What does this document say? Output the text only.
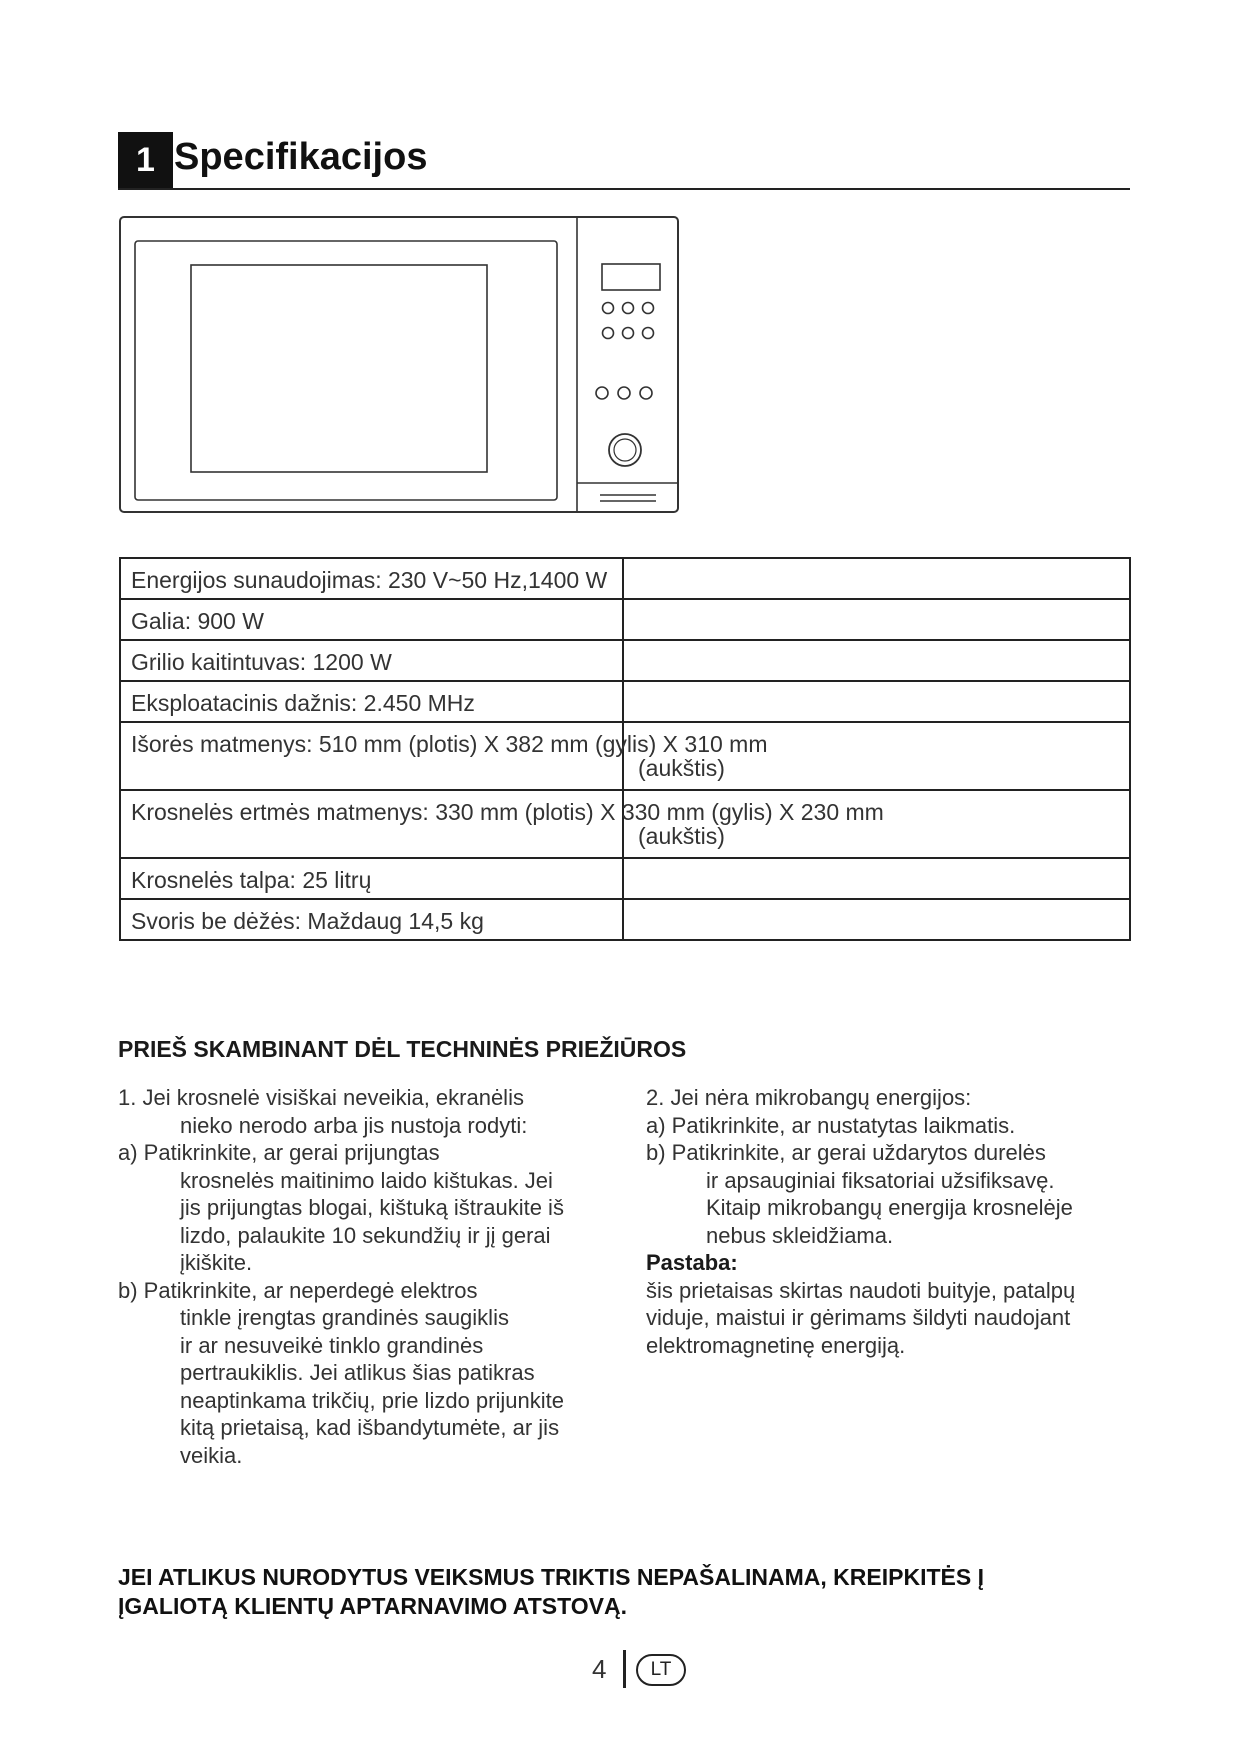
1 Specifikacijos
Energijos sunaudojimas: 230 V~50 Hz,1400 W	

Galia: 900 W	

Grilio kaitintuvas: 1200 W	

Eksploatacinis dažnis: 2.450 MHz	

Išorės matmenys: 510 mm (plotis) X 382 mm (gylis) X 310 mm
(aukštis)	

Krosnelės ertmės matmenys: 330 mm (plotis) X 330 mm (gylis) X 230 mm
(aukštis)	

Krosnelės talpa: 25 litrų	

Svoris be dėžės: Maždaug 14,5 kg	

PRIEŠ SKAMBINANT DĖL TECHNINĖS PRIEŽIŪROS

1. Jei krosnelė visiškai neveikia, ekranėlis

nieko nerodo arba jis nustoja rodyti:

a) Patikrinkite, ar gerai prijungtas

krosnelės maitinimo laido kištukas. Jei

jis prijungtas blogai, kištuką ištraukite iš

lizdo, palaukite 10 sekundžių ir jį gerai

įkiškite.

b) Patikrinkite, ar neperdegė elektros

tinkle įrengtas grandinės saugiklis

ir ar nesuveikė tinklo grandinės

pertraukiklis. Jei atlikus šias patikras

neaptinkama trikčių, prie lizdo prijunkite

kitą prietaisą, kad išbandytumėte, ar jis

veikia.

2. Jei nėra mikrobangų energijos:

a) Patikrinkite, ar nustatytas laikmatis.

b) Patikrinkite, ar gerai uždarytos durelės

ir apsauginiai fiksatoriai užsifiksavę.

Kitaip mikrobangų energija krosnelėje

nebus skleidžiama.

Pastaba:

šis prietaisas skirtas naudoti buityje, patalpų

viduje, maistui ir gėrimams šildyti naudojant

elektromagnetinę energiją.

JEI ATLIKUS NURODYTUS VEIKSMUS TRIKTIS NEPAŠALINAMA, KREIPKITĖS Į
ĮGALIOTĄ KLIENTŲ APTARNAVIMO ATSTOVĄ.
4	LT
